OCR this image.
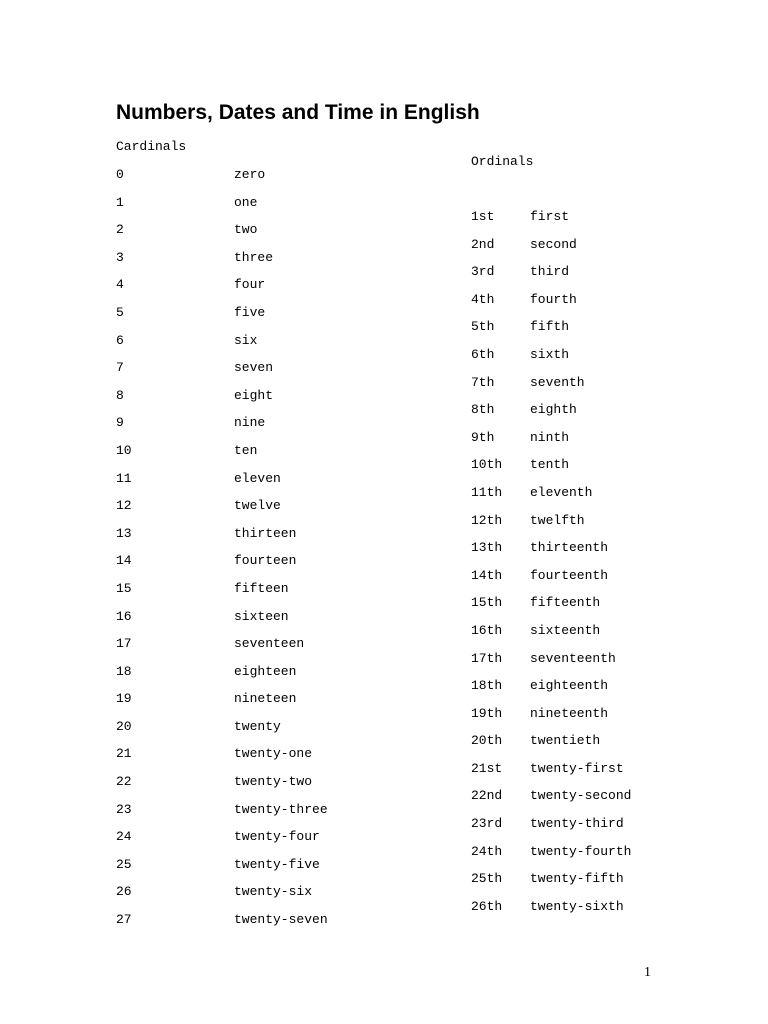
Numbers, Dates and Time in English

Cardinals

0	zero
1	one
2	two
3	three
4	four
5	five
6	six
7	seven
8	eight
9	nine
10	ten
11	eleven
12	twelve
13	thirteen
14	fourteen
15	fifteen
16	sixteen
17	seventeen
18	eighteen
19	nineteen
20	twenty
21	twenty-one
22	twenty-two
23	twenty-three
24	twenty-four
25	twenty-five
26	twenty-six
27	twenty-seven

Ordinals

1st	first
2nd	second
3rd	third
4th	fourth
5th	fifth
6th	sixth
7th	seventh
8th	eighth
9th	ninth
10th	tenth
11th	eleventh
12th	twelfth
13th	thirteenth
14th	fourteenth
15th	fifteenth
16th	sixteenth
17th	seventeenth
18th	eighteenth
19th	nineteenth
20th	twentieth
21st	twenty-first
22nd	twenty-second
23rd	twenty-third
24th	twenty-fourth
25th	twenty-fifth
26th	twenty-sixth

1
